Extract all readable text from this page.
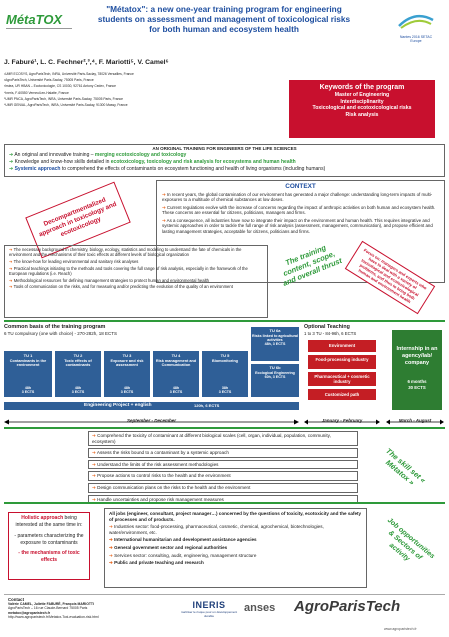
MétaTOX
"Métatox": a new one-year training program for engineering
students on assessment and management of toxicological risks
for both human and ecosystem health
Nantes 2016 SETAC Europe
J. Faburé¹, L. C. Fechner²,³,⁴, F. Mariotti⁵, V. Camel⁶
¹UMR ECOSYS, AgroParisTech, INRA, Université Paris-Saclay, 78026 Versailles, France
²AgroParisTech, Université Paris-Saclay, 75005 Paris, France
³Irstea, UR HBAN – Ecotoxicologie, CS 10030, 92761 Antony Cedex, France
⁴Ineris, F-60550 Verneuil-en-Halatte, France
⁵UMR PNCA, AgroParisTech, INRA, Université Paris-Saclay, 75005 Paris, France
⁶UMR GENIAL, AgroParisTech, INRA, Université Paris-Saclay, 91300 Massy, France
Keywords of the program
Master of Engineering
Interdisciplinarity
Toxicological and ecotoxicological risks
Risk analysis
AN ORIGINAL TRAINING FOR ENGINEERS OF THE LIFE SCIENCES
➔ An original and innovative training – merging ecotoxicology and toxicology
➔ Knowledge and know-how skills detailed in ecotoxicology, toxicology and risk analysis for ecosystems and human health
➔ Systemic approach to comprehend the effects of contaminants on ecosystem functioning and health of living organisms (including humans)
Decompartmentalized approach in toxicology and ecotoxicology
CONTEXT
➔ In recent years, the global contamination of our environment has generated a major challenge: understanding long-term impacts of multi-exposures to a multitude of chemical substances at low doses.
➔ Current regulations evolve with the increase of concerns regarding the impact of anthropic activities on both human and ecosystem health. These concerns are essential for citizens, politicians, managers and firms.
➔ As a consequence, all industries have now to integrate their impact on the environment and human health. This requires integrative and systemic approaches in order to tackle the full range of risk analysis (assessment, management, communication), and propose efficient and lasting management strategies, acceptable for citizens, politicians and firms.
➔ The necessary background in chemistry, biology, ecology, statistics and modeling to understand the fate of chemicals in the environment and the mechanisms of their toxic effects at different levels of biological organization
➔ The know-how for leading environmental and sanitary risk analyses
➔ Practical teachings initiating to the methods and tools covering the full range of risk analysis, especially in the framework of the European regulations (i.e. Reach)
➔ Methodological resources for defining management strategies to protect human and environmental health
➔ Tools of communication on the risks, and for measuring and/or predicting the evolution of the quality of an environment
The training content, scope, and overall thrust	Focus on: managers and experts who have to deal with a variety of toxicological and ecotoxicological problems, and thus to bring both human and environment health
Common basis of the training program
6 TU compulsory (one with choice) - 270-282h, 18 ECTS
TU 1
Contaminants in the environment
48h
3 ECTS
TU 2
Toxic effects of contaminants
48h
3 ECTS
TU 3
Exposure and risk assessment
48h
3 ECTS
TU 4
Risk management and Communication
48h
3 ECTS
TU 5
Biomonitoring
38h
3 ECTS
TU 6a
Risks linked to agricultural activities
48h, 3 ECTS
TU 6b
Ecological Engineering
60h, 3 ECTS
Engineering Project + english	120h, 6 ECTS
September - December
Optional Teaching
1 to 3 TU - 84-96h, 6 ECTS
Environment
Food-processing industry
Pharmaceutical + cosmetic industry
Customized path
January - February
Internship in an agency/lab/ company
6 months
30 ECTS
March - August
➔ Comprehend the toxicity of contaminant at different biological scales (cell, organ, individual, population, community, ecosystem)
➔ Assess the risks bound to a contaminant by a systemic approach
➔ Understand the limits of the risk assessment methodologies
➔ Propose actions to control risks to the health and the environment
➔ Design communication plans on the risks to the health and the environment
➔ Handle uncertainties and propose risk management measures
The skill set « Métatox »
Holistic approach being interested at the same time in:
- parameters characterizing the exposure to contaminants
- the mechanisms of toxic effects
All jobs (engineer, consultant, project manager…) concerned by the questions of toxicity, ecotoxicity and the safety of processes and of products.
➔ Industries sector: food-processing, pharmaceutical, cosmetic, chemical, agrochemical, biotechnologies, water/environment, etc.
➔ International humanitarian and development assistance agencies
➔ General government sector and regional authorities
➔ Services sector: consulting, audit, engineering, management structure
➔ Public and private teaching and research
Job opportunities & Sectors of activity
Contact
Valérie CAMEL, Juliette FABURÉ, François MARIOTTI
AgroParisTech – 16 rue Claude-Bernard 75005 Paris
metatox@agroparistech.fr
http://www.agroparistech.fr/Metatox-Toxi-evaluation-risk.html
INERIS
maîtriser le risque pour un développement durable
anses AgroParisTech
www.agroparistech.fr
